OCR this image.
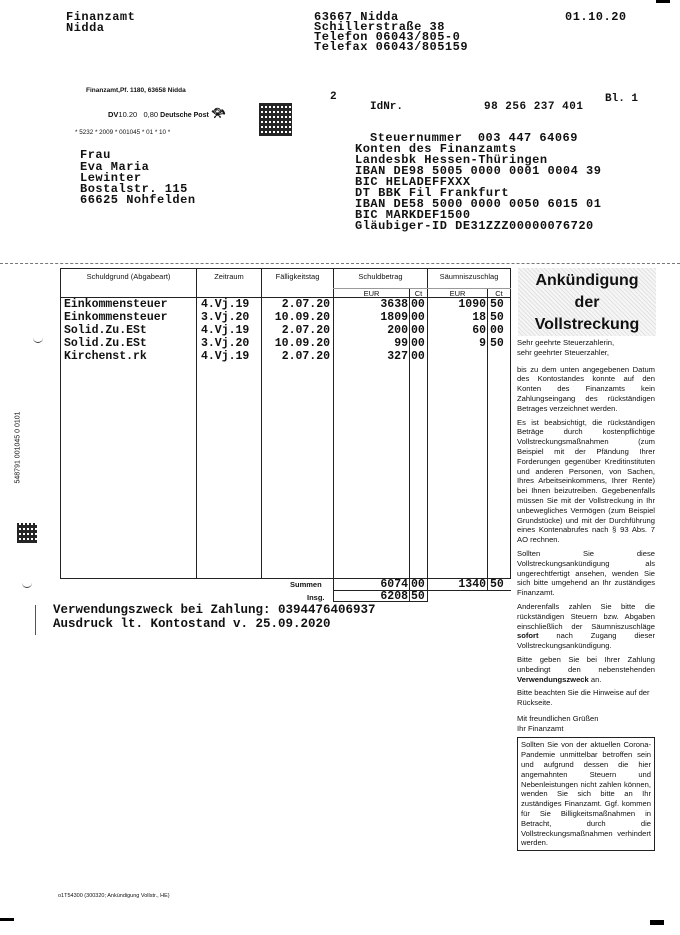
Finanzamt
Nidda
63667 Nidda
Schillerstraße 38
Telefon 06043/805-0
Telefax 06043/805159
01.10.20
Finanzamt,Pf. 1180, 63658 Nidda
DV10.20 0,80 Deutsche Post 📯︎
* 5232 * 2009 * 001045 * 01 * 10 *
2	Bl. 1
IdNr.	98 256 237 401
Frau
Eva Maria
Lewinter
Bostalstr. 115
66625 Nohfelden
Steuernummer  003 447 64069
Konten des Finanzamts
Landesbk Hessen-Thüringen
IBAN DE98 5005 0000 0001 0004 39
BIC HELADEFFXXX
DT BBK Fil Frankfurt
IBAN DE58 5000 0000 0050 6015 01
BIC MARKDEF1500
Gläubiger-ID DE31ZZZ00000076720
548791 001045 0 0101
Schuldgrund (Abgabeart)	Zeitraum	Fälligkeitstag	Schuldbetrag	Säumniszuschlag
EUR	Ct	EUR	Ct
Einkommensteuer	4.Vj.19	2.07.20	3638 00	1090 50
Einkommensteuer	3.Vj.20	10.09.20	1809 00	18 50
Solid.Zu.ESt	4.Vj.19	2.07.20	200 00	60 00
Solid.Zu.ESt	3.Vj.20	10.09.20	99 00	9 50
Kirchenst.rk	4.Vj.19	2.07.20	327 00
Summen	6074 00	1340 50
Insg.	6208 50
Verwendungszweck bei Zahlung: 0394476406937
Ausdruck lt. Kontostand v. 25.09.2020
Ankündigung
der
Vollstreckung

Sehr geehrte Steuerzahlerin,
sehr geehrter Steuerzahler,

bis zu dem unten angegebenen Datum des Kontostandes konnte auf den Konten des Finanzamts kein Zahlungseingang des rückständigen Betrages verzeichnet werden.

Es ist beabsichtigt, die rückständigen Beträge durch kostenpflichtige Vollstreckungsmaßnahmen (zum Beispiel mit der Pfändung Ihrer Forderungen gegenüber Kreditinstituten und anderen Personen, von Sachen, Ihres Arbeitseinkommens, Ihrer Rente) bei Ihnen beizutreiben. Gegebenenfalls müssen Sie mit der Vollstreckung in Ihr unbewegliches Vermögen (zum Beispiel Grundstücke) und mit der Durchführung eines Kontenabrufes nach § 93 Abs. 7 AO rechnen.

Sollten Sie diese Vollstreckungsankündigung als ungerechtfertigt ansehen, wenden Sie sich bitte umgehend an Ihr zuständiges Finanzamt.

Anderenfalls zahlen Sie bitte die rückständigen Steuern bzw. Abgaben einschließlich der Säumniszuschläge sofort nach Zugang dieser Vollstreckungsankündigung.

Bitte geben Sie bei Ihrer Zahlung unbedingt den nebenstehenden Verwendungszweck an.

Bitte beachten Sie die Hinweise auf der Rückseite.

Mit freundlichen Grüßen
Ihr Finanzamt

Sollten Sie von der aktuellen Corona-Pandemie unmittelbar betroffen sein und aufgrund dessen die hier angemahnten Steuern und Nebenleistungen nicht zahlen können, wenden Sie sich bitte an Ihr zuständiges Finanzamt. Ggf. kommen für Sie Billigkeitsmaßnahmen in Betracht, durch die Vollstreckungsmaßnahmen verhindert werden.
o1T54300 (300320; Ankündigung Vollstr., HE)
